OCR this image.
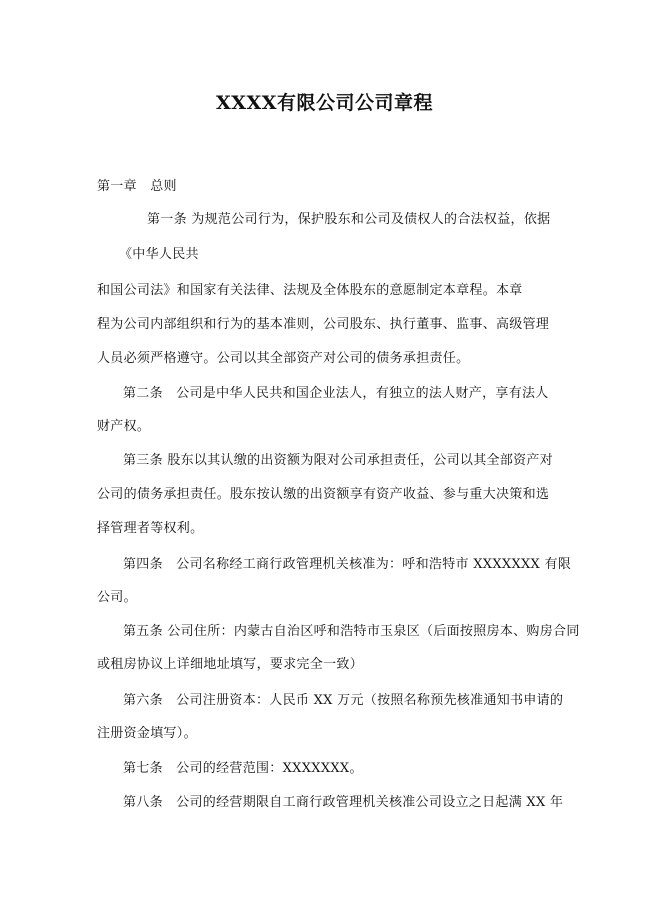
XXXX有限公司公司章程
第一章　总则
第一条 为规范公司行为，保护股东和公司及债权人的合法权益，依据
《中华人民共
和国公司法》和国家有关法律、法规及全体股东的意愿制定本章程。本章
程为公司内部组织和行为的基本准则，公司股东、执行董事、监事、高级管理
人员必须严格遵守。公司以其全部资产对公司的债务承担责任。
第二条　公司是中华人民共和国企业法人，有独立的法人财产，享有法人
财产权。
第三条 股东以其认缴的出资额为限对公司承担责任，公司以其全部资产对
公司的债务承担责任。股东按认缴的出资额享有资产收益、参与重大决策和选
择管理者等权利。
第四条　公司名称经工商行政管理机关核准为：呼和浩特市 XXXXXXX 有限
公司。
第五条 公司住所：内蒙古自治区呼和浩特市玉泉区（后面按照房本、购房合同
或租房协议上详细地址填写，要求完全一致）
第六条　公司注册资本：人民币 XX 万元（按照名称预先核准通知书申请的
注册资金填写）。
第七条　公司的经营范围：XXXXXXX。
第八条　公司的经营期限自工商行政管理机关核准公司设立之日起满 XX 年
